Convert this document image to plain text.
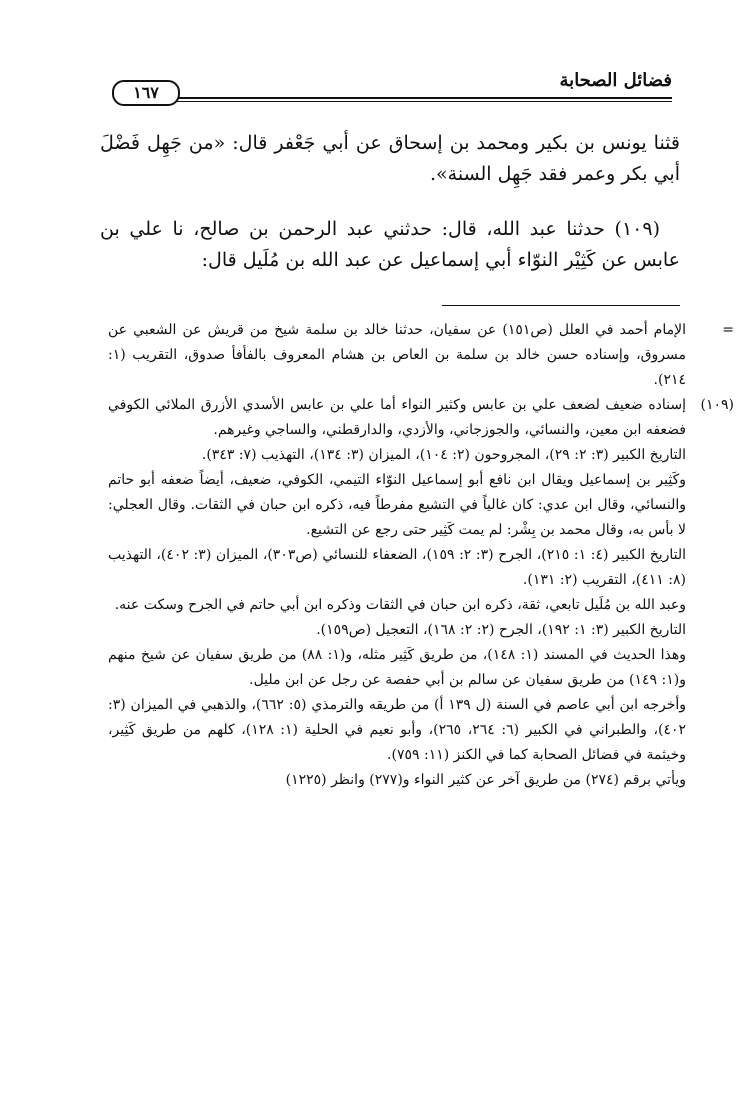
فضائل الصحابة
١٦٧

قثنا يونس بن بكير ومحمد بن إسحاق عن أبي جَعْفر قال: «من جَهِل فَضْلَ أبي بكر وعمر فقد جَهِل السنة».

(١٠٩) حدثنا عبد الله، قال: حدثني عبد الرحمن بن صالح، نا علي بن عابس عن كَثِيْر النوّاء أبي إسماعيل عن عبد الله بن مُلَيل قال:

=
الإمام أحمد في العلل (ص١٥١) عن سفيان، حدثنا خالد بن سلمة شيخ من قريش عن الشعبي عن مسروق، وإسناده حسن خالد بن سلمة بن العاص بن هشام المعروف بالفأفأ صدوق، التقريب (١: ٢١٤).

(١٠٩)
إسناده ضعيف لضعف علي بن عابس وكثير النواء أما علي بن عابس الأسدي الأزرق الملائي الكوفي فضعفه ابن معين، والنسائي، والجوزجاني، والأزدي، والدارقطني، والساجي وغيرهم.

التاريخ الكبير (٣: ٢: ٢٩)، المجروحون (٢: ١٠٤)، الميزان (٣: ١٣٤)، التهذيب (٧: ٣٤٣).

وكَثِير بن إسماعيل ويقال ابن نافع أبو إسماعيل النوّاء التيمي، الكوفي، ضعيف، أيضاً ضعفه أبو حاتم والنسائي، وقال ابن عدي: كان غالياً في التشيع مفرطاً فيه، ذكره ابن حبان في الثقات. وقال العجلي: لا بأس به، وقال محمد بن بِشْر: لم يمت كَثِير حتى رجع عن التشيع.

التاريخ الكبير (٤: ١: ٢١٥)، الجرح (٣: ٢: ١٥٩)، الضعفاء للنسائي (ص٣٠٣)، الميزان (٣: ٤٠٢)، التهذيب (٨: ٤١١)، التقريب (٢: ١٣١).

وعبد الله بن مُلَيل تابعي، ثقة، ذكره ابن حبان في الثقات وذكره ابن أبي حاتم في الجرح وسكت عنه.

التاريخ الكبير (٣: ١: ١٩٢)، الجرح (٢: ٢: ١٦٨)، التعجيل (ص١٥٩).

وهذا الحديث في المسند (١: ١٤٨)، من طريق كَثِير مثله، و(١: ٨٨) من طريق سفيان عن شيخ منهم و(١: ١٤٩) من طريق سفيان عن سالم بن أبي حفصة عن رجل عن ابن مليل.

وأخرجه ابن أبي عاصم في السنة (ل ١٣٩ أ) من طريقه والترمذي (٥: ٦٦٢)، والذهبي في الميزان (٣: ٤٠٢)، والطبراني في الكبير (٦: ٢٦٤، ٢٦٥)، وأبو نعيم في الحلية (١: ١٢٨)، كلهم من طريق كَثِير، وخيثمة في فضائل الصحابة كما في الكنز (١١: ٧٥٩).

ويأتي برقم (٢٧٤) من طريق آخر عن كثير النواء و(٢٧٧) وانظر (١٢٢٥)
